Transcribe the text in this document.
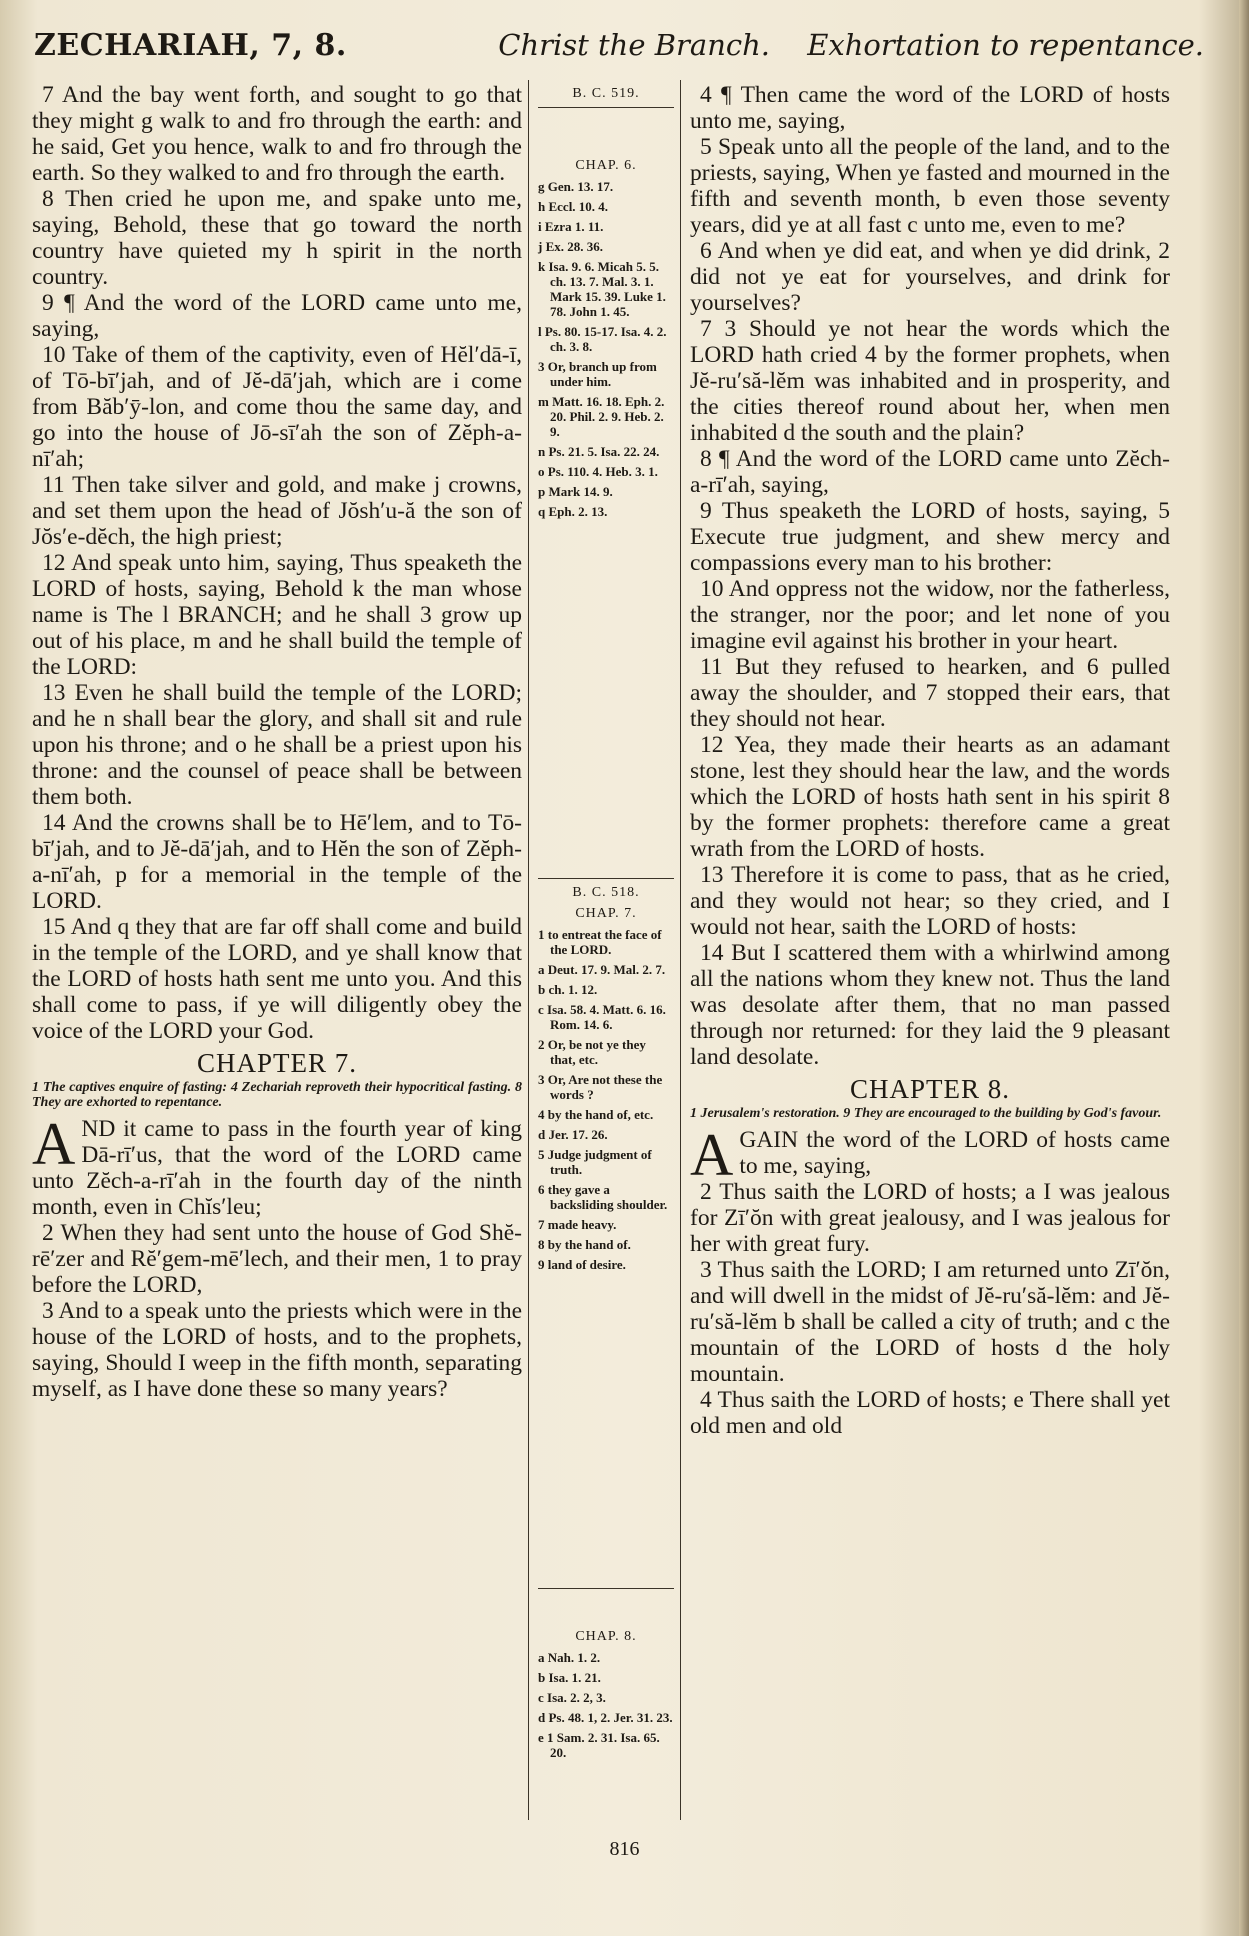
ZECHARIAH, 7, 8.	Christ the Branch. Exhortation to repentance.

7 And the bay went forth, and sought to go that they might g walk to and fro through the earth: and he said, Get you hence, walk to and fro through the earth. So they walked to and fro through the earth.

8 Then cried he upon me, and spake unto me, saying, Behold, these that go toward the north country have quieted my h spirit in the north country.

9 ¶ And the word of the LORD came unto me, saying,

10 Take of them of the captivity, even of Hĕl′dā-ī, of Tō-bī′jah, and of Jĕ-dā′jah, which are i come from Băb′ȳ-lon, and come thou the same day, and go into the house of Jō-sī′ah the son of Zĕph-a-nī′ah;

11 Then take silver and gold, and make j crowns, and set them upon the head of Jŏsh′u-ă the son of Jŏs′e-dĕch, the high priest;

12 And speak unto him, saying, Thus speaketh the LORD of hosts, saying, Behold k the man whose name is The l BRANCH; and he shall 3 grow up out of his place, m and he shall build the temple of the LORD:

13 Even he shall build the temple of the LORD; and he n shall bear the glory, and shall sit and rule upon his throne; and o he shall be a priest upon his throne: and the counsel of peace shall be between them both.

14 And the crowns shall be to Hē′lem, and to Tō-bī′jah, and to Jĕ-dā′jah, and to Hĕn the son of Zĕph-a-nī′ah, p for a memorial in the temple of the LORD.

15 And q they that are far off shall come and build in the temple of the LORD, and ye shall know that the LORD of hosts hath sent me unto you. And this shall come to pass, if ye will diligently obey the voice of the LORD your God.

CHAPTER 7.
1 The captives enquire of fasting: 4 Zechariah reproveth their hypocritical fasting. 8 They are exhorted to repentance.

AND it came to pass in the fourth year of king Dā-rī′us, that the word of the LORD came unto Zĕch-a-rī′ah in the fourth day of the ninth month, even in Chĭs′leu;

2 When they had sent unto the house of God Shĕ-rē′zer and Rĕ′gem-mē′lech, and their men, 1 to pray before the LORD,

3 And to a speak unto the priests which were in the house of the LORD of hosts, and to the prophets, saying, Should I weep in the fifth month, separating myself, as I have done these so many years?

B. C. 519.
CHAP. 6.

g Gen. 13. 17.

h Eccl. 10. 4.

i Ezra 1. 11.

j Ex. 28. 36.

k Isa. 9. 6. Micah 5. 5. ch. 13. 7. Mal. 3. 1. Mark 15. 39. Luke 1. 78. John 1. 45.

l Ps. 80. 15-17. Isa. 4. 2. ch. 3. 8.

3 Or, branch up from under him.

m Matt. 16. 18. Eph. 2. 20. Phil. 2. 9. Heb. 2. 9.

n Ps. 21. 5. Isa. 22. 24.

o Ps. 110. 4. Heb. 3. 1.

p Mark 14. 9.

q Eph. 2. 13.

B. C. 518.
CHAP. 7.

1 to entreat the face of the LORD.

a Deut. 17. 9. Mal. 2. 7.

b ch. 1. 12.

c Isa. 58. 4. Matt. 6. 16. Rom. 14. 6.

2 Or, be not ye they that, etc.

3 Or, Are not these the words ?

4 by the hand of, etc.

d Jer. 17. 26.

5 Judge judgment of truth.

6 they gave a backsliding shoulder.

7 made heavy.

8 by the hand of.

9 land of desire.

CHAP. 8.

a Nah. 1. 2.

b Isa. 1. 21.

c Isa. 2. 2, 3.

d Ps. 48. 1, 2. Jer. 31. 23.

e 1 Sam. 2. 31. Isa. 65. 20.

4 ¶ Then came the word of the LORD of hosts unto me, saying,

5 Speak unto all the people of the land, and to the priests, saying, When ye fasted and mourned in the fifth and seventh month, b even those seventy years, did ye at all fast c unto me, even to me?

6 And when ye did eat, and when ye did drink, 2 did not ye eat for yourselves, and drink for yourselves?

7 3 Should ye not hear the words which the LORD hath cried 4 by the former prophets, when Jĕ-ru′să-lĕm was inhabited and in prosperity, and the cities thereof round about her, when men inhabited d the south and the plain?

8 ¶ And the word of the LORD came unto Zĕch-a-rī′ah, saying,

9 Thus speaketh the LORD of hosts, saying, 5 Execute true judgment, and shew mercy and compassions every man to his brother:

10 And oppress not the widow, nor the fatherless, the stranger, nor the poor; and let none of you imagine evil against his brother in your heart.

11 But they refused to hearken, and 6 pulled away the shoulder, and 7 stopped their ears, that they should not hear.

12 Yea, they made their hearts as an adamant stone, lest they should hear the law, and the words which the LORD of hosts hath sent in his spirit 8 by the former prophets: therefore came a great wrath from the LORD of hosts.

13 Therefore it is come to pass, that as he cried, and they would not hear; so they cried, and I would not hear, saith the LORD of hosts:

14 But I scattered them with a whirlwind among all the nations whom they knew not. Thus the land was desolate after them, that no man passed through nor returned: for they laid the 9 pleasant land desolate.

CHAPTER 8.
1 Jerusalem's restoration. 9 They are encouraged to the building by God's favour.

AGAIN the word of the LORD of hosts came to me, saying,

2 Thus saith the LORD of hosts; a I was jealous for Zī′ŏn with great jealousy, and I was jealous for her with great fury.

3 Thus saith the LORD; I am returned unto Zī′ŏn, and will dwell in the midst of Jĕ-ru′să-lĕm: and Jĕ-ru′să-lĕm b shall be called a city of truth; and c the mountain of the LORD of hosts d the holy mountain.

4 Thus saith the LORD of hosts; e There shall yet old men and old

816
